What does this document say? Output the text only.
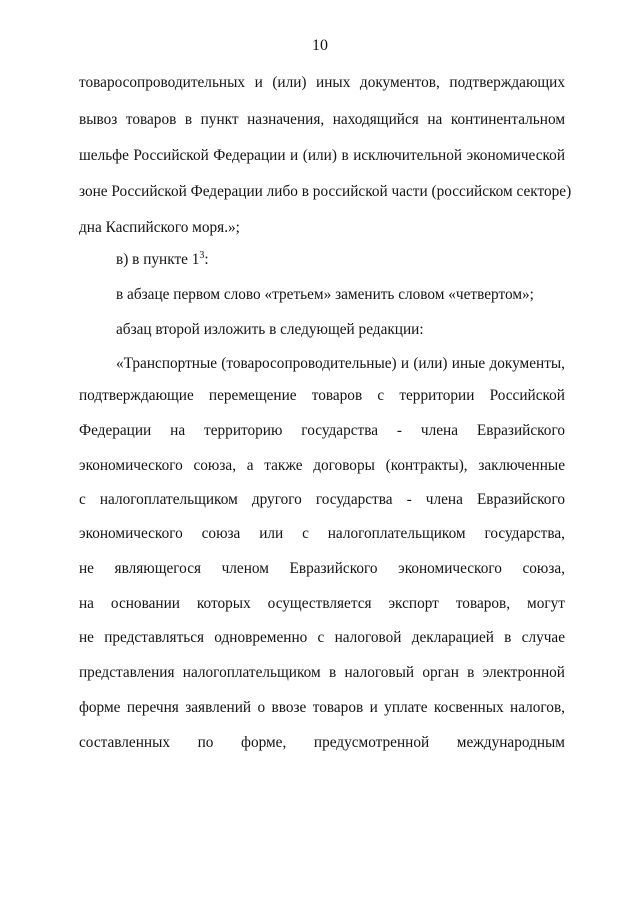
10
товаросопроводительных и (или) иных документов, подтверждающих
вывоз товаров в пункт назначения, находящийся на континентальном
шельфе Российской Федерации и (или) в исключительной экономической
зоне Российской Федерации либо в российской части (российском секторе)
дна Каспийского моря.»;
в) в пункте $1^3$:
в абзаце первом слово «третьем» заменить словом «четвертом»;
абзац второй изложить в следующей редакции:
«Транспортные (товаросопроводительные) и (или) иные документы,
подтверждающие перемещение товаров с территории Российской
Федерации на территорию государства - члена Евразийского
экономического союза, а также договоры (контракты), заключенные
с налогоплательщиком другого государства - члена Евразийского
экономического союза или с налогоплательщиком государства,
не являющегося членом Евразийского экономического союза,
на основании которых осуществляется экспорт товаров, могут
не представляться одновременно с налоговой декларацией в случае
представления налогоплательщиком в налоговый орган в электронной
форме перечня заявлений о ввозе товаров и уплате косвенных налогов,
составленных по форме, предусмотренной международным
